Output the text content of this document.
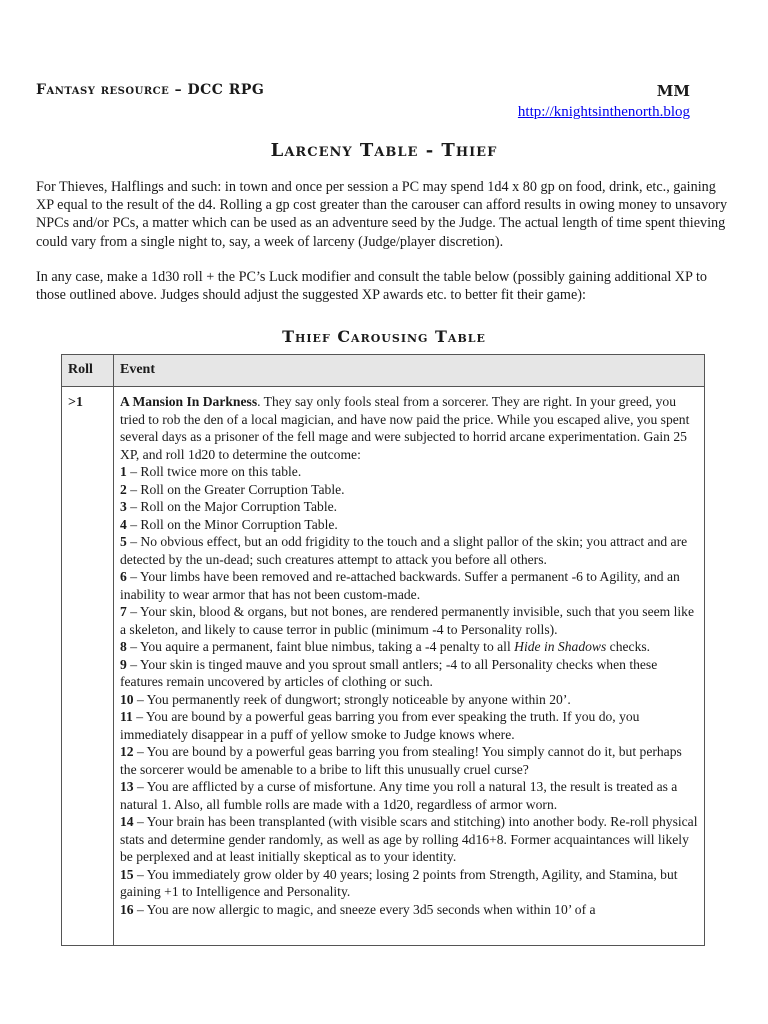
Fantasy resource – DCC RPG	MM
http://knightsinthenorth.blog
Larceny Table - Thief

For Thieves, Halflings and such: in town and once per session a PC may spend 1d4 x 80 gp on food, drink, etc., gaining XP equal to the result of the d4. Rolling a gp cost greater than the carouser can afford results in owing money to unsavory NPCs and/or PCs, a matter which can be used as an adventure seed by the Judge. The actual length of time spent thieving could vary from a single night to, say, a week of larceny (Judge/player discretion).

In any case, make a 1d30 roll + the PC’s Luck modifier and consult the table below (possibly gaining additional XP to those outlined above. Judges should adjust the suggested XP awards etc. to better fit their game):

Thief Carousing Table
Roll	Event
>1	A Mansion In Darkness. They say only fools steal from a sorcerer. They are right. In your greed, you tried to rob the den of a local magician, and have now paid the price. While you escaped alive, you spent several days as a prisoner of the fell mage and were subjected to horrid arcane experimentation. Gain 25 XP, and roll 1d20 to determine the outcome:
1 – Roll twice more on this table.
2 – Roll on the Greater Corruption Table.
3 – Roll on the Major Corruption Table.
4 – Roll on the Minor Corruption Table.
5 – No obvious effect, but an odd frigidity to the touch and a slight pallor of the skin; you attract and are detected by the un-dead; such creatures attempt to attack you before all others.
6 – Your limbs have been removed and re-attached backwards. Suffer a permanent -6 to Agility, and an inability to wear armor that has not been custom-made.
7 – Your skin, blood & organs, but not bones, are rendered permanently invisible, such that you seem like a skeleton, and likely to cause terror in public (minimum -4 to Personality rolls).
8 – You aquire a permanent, faint blue nimbus, taking a -4 penalty to all Hide in Shadows checks.
9 – Your skin is tinged mauve and you sprout small antlers; -4 to all Personality checks when these features remain uncovered by articles of clothing or such.
10 – You permanently reek of dungwort; strongly noticeable by anyone within 20’.
11 – You are bound by a powerful geas barring you from ever speaking the truth. If you do, you immediately disappear in a puff of yellow smoke to Judge knows where.
12 – You are bound by a powerful geas barring you from stealing! You simply cannot do it, but perhaps the sorcerer would be amenable to a bribe to lift this unusually cruel curse?
13 – You are afflicted by a curse of misfortune. Any time you roll a natural 13, the result is treated as a natural 1. Also, all fumble rolls are made with a 1d20, regardless of armor worn.
14 – Your brain has been transplanted (with visible scars and stitching) into another body. Re-roll physical stats and determine gender randomly, as well as age by rolling 4d16+8. Former acquaintances will likely be perplexed and at least initially skeptical as to your identity.
15 – You immediately grow older by 40 years; losing 2 points from Strength, Agility, and Stamina, but gaining +1 to Intelligence and Personality.
16 – You are now allergic to magic, and sneeze every 3d5 seconds when within 10’ of a
